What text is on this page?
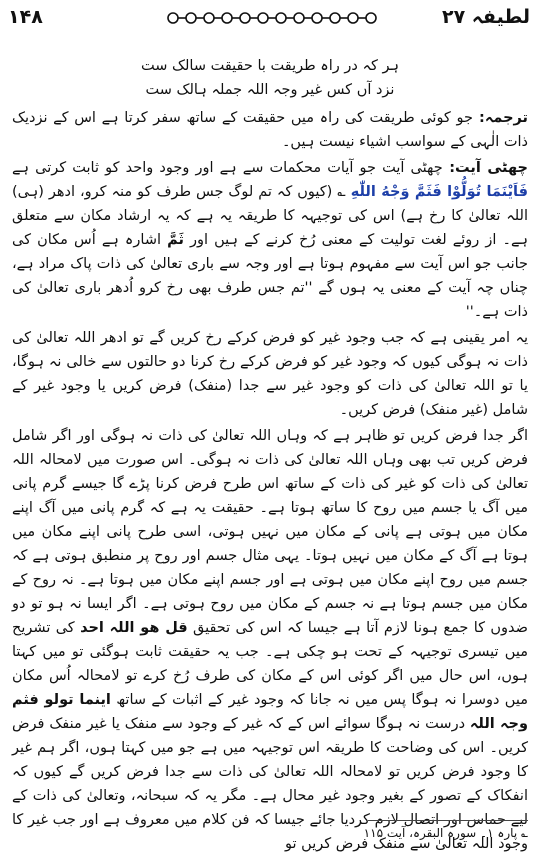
۱۴۸	لطیفہ ۲۷

ہر کہ در راہ طریقت با حقیقت سالک ست

نزد آں کس غیر وجہ اللہ جملہ ہالک ست

ترجمہ: جو کوئی طریقت کی راہ میں حقیقت کے ساتھ سفر کرتا ہے اس کے نزدیک ذات الٰہی کے سواسب اشیاء نیست ہیں۔

چھٹی آیت: چھٹی آیت جو آیات محکمات سے ہے اور وجود واحد کو ثابت کرتی ہے فَاَیْنَمَا تُوَلُّوْا فَثَمَّ وَجْهُ اللّٰهِ ؎ (کیوں کہ تم لوگ جس طرف کو منہ کرو، ادھر (ہی) اللہ تعالیٰ کا رخ ہے) اس کی توجیہہ کا طریقہ یہ ہے کہ یہ ارشاد مکان سے متعلق ہے۔ از روئے لغت تولیت کے معنی رُخ کرنے کے ہیں اور ثَمَّ اشارہ ہے اُس مکان کی جانب جو اس آیت سے مفہوم ہوتا ہے اور وجہ سے باری تعالیٰ کی ذات پاک مراد ہے، چناں چہ آیت کے معنی یہ ہوں گے ''تم جس طرف بھی رخ کرو اُدھر باری تعالیٰ کی ذات ہے۔''

یہ امر یقینی ہے کہ جب وجود غیر کو فرض کرکے رخ کریں گے تو ادھر اللہ تعالیٰ کی ذات نہ ہوگی کیوں کہ وجود غیر کو فرض کرکے رخ کرنا دو حالتوں سے خالی نہ ہوگا، یا تو اللہ تعالیٰ کی ذات کو وجود غیر سے جدا (منفک) فرض کریں یا وجود غیر کے شامل (غیر منفک) فرض کریں۔

اگر جدا فرض کریں تو ظاہر ہے کہ وہاں اللہ تعالیٰ کی ذات نہ ہوگی اور اگر شامل فرض کریں تب بھی وہاں اللہ تعالیٰ کی ذات نہ ہوگی۔ اس صورت میں لامحالہ اللہ تعالیٰ کی ذات کو غیر کی ذات کے ساتھ اس طرح فرض کرنا پڑے گا جیسے گرم پانی میں آگ یا جسم میں روح کا ساتھ ہوتا ہے۔ حقیقت یہ ہے کہ گرم پانی میں آگ اپنے مکان میں ہوتی ہے پانی کے مکان میں نہیں ہوتی، اسی طرح پانی اپنے مکان میں ہوتا ہے آگ کے مکان میں نہیں ہوتا۔ یہی مثال جسم اور روح پر منطبق ہوتی ہے کہ جسم میں روح اپنے مکان میں ہوتی ہے اور جسم اپنے مکان میں ہوتا ہے۔ نہ روح کے مکان میں جسم ہوتا ہے نہ جسم کے مکان میں روح ہوتی ہے۔ اگر ایسا نہ ہو تو دو ضدوں کا جمع ہونا لازم آتا ہے جیسا کہ اس کی تحقیق قل ھو اللہ احد کی تشریح میں تیسری توجیہہ کے تحت ہو چکی ہے۔ جب یہ حقیقت ثابت ہوگئی تو میں کہتا ہوں، اس حال میں اگر کوئی اس کے مکان کی طرف رُخ کرے تو لامحالہ اُس مکان میں دوسرا نہ ہوگا پس میں نہ جانا کہ وجود غیر کے اثبات کے ساتھ اینما تولو فثم وجہ اللہ درست نہ ہوگا سوائے اس کے کہ غیر کے وجود سے منفک یا غیر منفک فرض کریں۔ اس کی وضاحت کا طریقہ اس توجیہہ میں ہے جو میں کہتا ہوں، اگر ہم غیر کا وجود فرض کریں تو لامحالہ اللہ تعالیٰ کی ذات سے جدا فرض کریں گے کیوں کہ انفکاک کے تصور کے بغیر وجود غیر محال ہے۔ مگر یہ کہ سبحانہ، وتعالیٰ کی ذات کے لیے حماس اور اتصال لازم کردیا جائے جیسا کہ فن کلام میں معروف ہے اور جب غیر کا وجود اللہ تعالیٰ سے منفک فرض کریں تو

؎ پارہ ۱۔ سورہ البقرہ، آیت ۱۱۵
